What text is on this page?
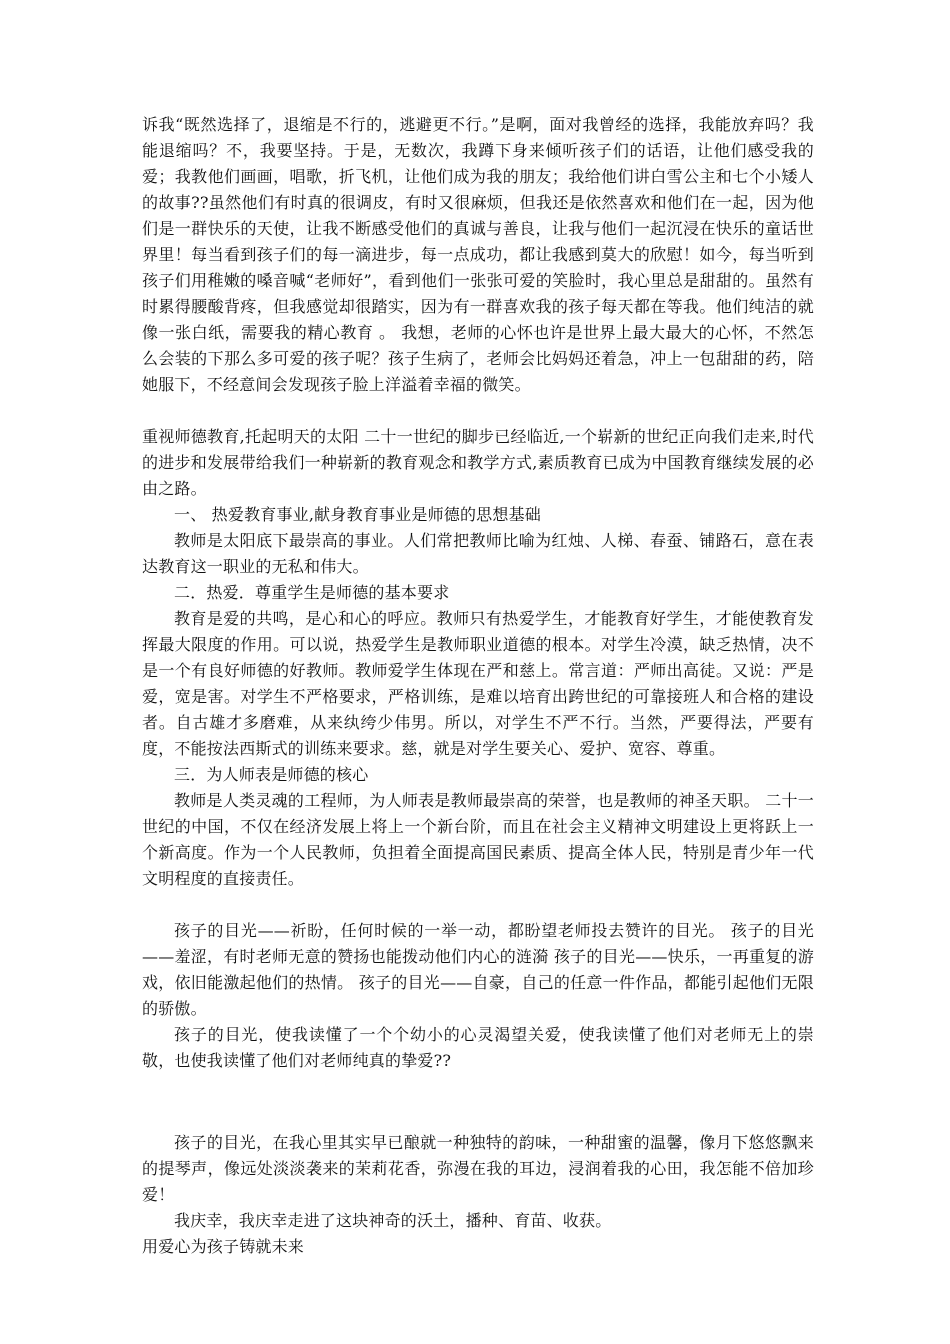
诉我“既然选择了，退缩是不行的，逃避更不行。”是啊，面对我曾经的选择，我能放弃吗？我能退缩吗？不，我要坚持。于是，无数次，我蹲下身来倾听孩子们的话语，让他们感受我的爱；我教他们画画，唱歌，折飞机，让他们成为我的朋友；我给他们讲白雪公主和七个小矮人的故事??虽然他们有时真的很调皮，有时又很麻烦，但我还是依然喜欢和他们在一起，因为他们是一群快乐的天使，让我不断感受他们的真诚与善良，让我与他们一起沉浸在快乐的童话世界里！每当看到孩子们的每一滴进步，每一点成功，都让我感到莫大的欣慰！如今，每当听到孩子们用稚嫩的嗓音喊“老师好”，看到他们一张张可爱的笑脸时，我心里总是甜甜的。虽然有时累得腰酸背疼，但我感觉却很踏实，因为有一群喜欢我的孩子每天都在等我。他们纯洁的就像一张白纸，需要我的精心教育 。 我想，老师的心怀也许是世界上最大最大的心怀，不然怎么会装的下那么多可爱的孩子呢？孩子生病了，老师会比妈妈还着急，冲上一包甜甜的药，陪她服下，不经意间会发现孩子脸上洋溢着幸福的微笑。

重视师德教育,托起明天的太阳 二十一世纪的脚步已经临近,一个崭新的世纪正向我们走来,时代的进步和发展带给我们一种崭新的教育观念和教学方式,素质教育已成为中国教育继续发展的必由之路。

一、 热爱教育事业,献身教育事业是师德的思想基础

教师是太阳底下最崇高的事业。人们常把教师比喻为红烛、人梯、春蚕、铺路石，意在表达教育这一职业的无私和伟大。

二．热爱．尊重学生是师德的基本要求

教育是爱的共鸣，是心和心的呼应。教师只有热爱学生，才能教育好学生，才能使教育发挥最大限度的作用。可以说，热爱学生是教师职业道德的根本。对学生冷漠，缺乏热情，决不是一个有良好师德的好教师。教师爱学生体现在严和慈上。常言道：严师出高徒。又说：严是爱，宽是害。对学生不严格要求，严格训练，是难以培育出跨世纪的可靠接班人和合格的建设者。自古雄才多磨难，从来纨绔少伟男。所以，对学生不严不行。当然，严要得法，严要有度，不能按法西斯式的训练来要求。慈，就是对学生要关心、爱护、宽容、尊重。

三．为人师表是师德的核心

教师是人类灵魂的工程师，为人师表是教师最崇高的荣誉，也是教师的神圣天职。 二十一世纪的中国，不仅在经济发展上将上一个新台阶，而且在社会主义精神文明建设上更将跃上一个新高度。作为一个人民教师，负担着全面提高国民素质、提高全体人民，特别是青少年一代文明程度的直接责任。

孩子的目光——祈盼，任何时候的一举一动，都盼望老师投去赞许的目光。 孩子的目光——羞涩，有时老师无意的赞扬也能拨动他们内心的涟漪 孩子的目光——快乐，一再重复的游戏，依旧能激起他们的热情。 孩子的目光——自豪，自己的任意一件作品，都能引起他们无限的骄傲。

孩子的目光，使我读懂了一个个幼小的心灵渴望关爱，使我读懂了他们对老师无上的崇敬，也使我读懂了他们对老师纯真的挚爱??

孩子的目光，在我心里其实早已酿就一种独特的韵味，一种甜蜜的温馨，像月下悠悠飘来的提琴声，像远处淡淡袭来的茉莉花香，弥漫在我的耳边，浸润着我的心田，我怎能不倍加珍爱！

我庆幸，我庆幸走进了这块神奇的沃土，播种、育苗、收获。

用爱心为孩子铸就未来
